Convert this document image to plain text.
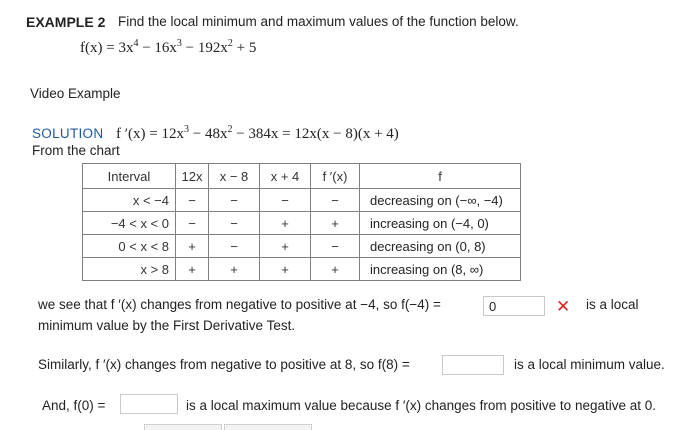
EXAMPLE 2 Find the local minimum and maximum values of the function below.
$f(x) = 3x^4 - 16x^3 - 192x^2 + 5$
Video Example
SOLUTION f $'(x) = 12x^3 - 48x^2 - 384x = 12x(x - 8)(x + 4)$
From the chart
Interval	12x	x − 8	x + 4	f ′(x)	f
x < −4	−	−	−	−	decreasing on (−∞, −4)
−4 < x < 0	−	−	+	+	increasing on (−4, 0)
0 < x < 8	+	−	+	−	decreasing on (0, 8)
x > 8	+	+	+	+	increasing on (8, ∞)
we see that f ′(x) changes from negative to positive at −4, so f(−4) =
0	✕ is a local
minimum value by the First Derivative Test.
Similarly, f ′(x) changes from negative to positive at 8, so f(8) =	is a local minimum value.
And, f(0) =	is a local maximum value because f ′(x) changes from positive to negative at 0.
